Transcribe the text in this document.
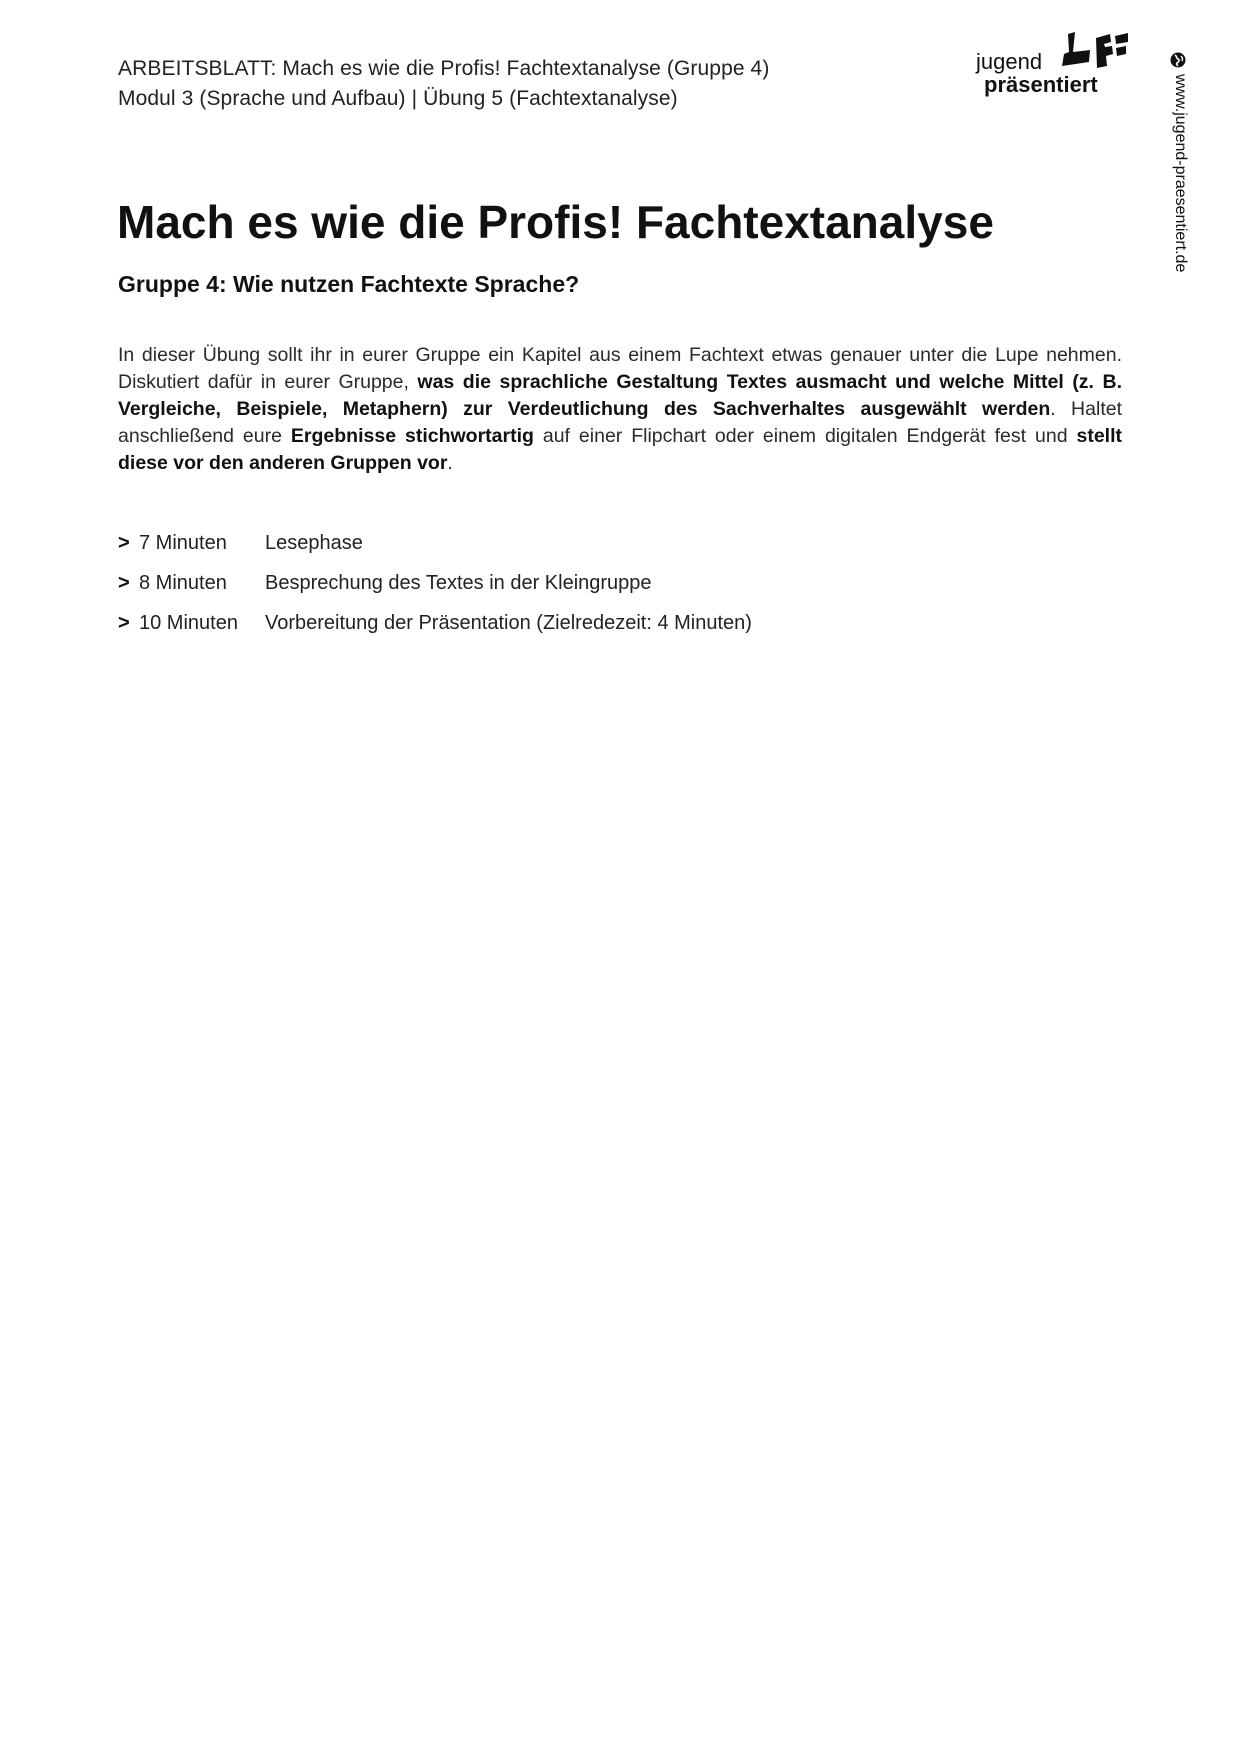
ARBEITSBLATT: Mach es wie die Profis! Fachtextanalyse (Gruppe 4)
Modul 3 (Sprache und Aufbau) | Übung 5 (Fachtextanalyse)
jugend
präsentiert	www.jugend-praesentiert.de
Mach es wie die Profis! Fachtextanalyse
Gruppe 4: Wie nutzen Fachtexte Sprache?

In dieser Übung sollt ihr in eurer Gruppe ein Kapitel aus einem Fachtext etwas genauer unter die Lupe nehmen. Diskutiert dafür in eurer Gruppe, was die sprachliche Gestaltung Textes ausmacht und welche Mittel (z. B. Vergleiche, Beispiele, Metaphern) zur Verdeutlichung des Sachverhaltes ausgewählt werden. Haltet anschließend eure Ergebnisse stichwortartig auf einer Flipchart oder einem digitalen Endgerät fest und stellt diese vor den anderen Gruppen vor.

> 7 Minuten Lesephase
> 8 Minuten Besprechung des Textes in der Kleingruppe
> 10 Minuten Vorbereitung der Präsentation (Zielredezeit: 4 Minuten)
